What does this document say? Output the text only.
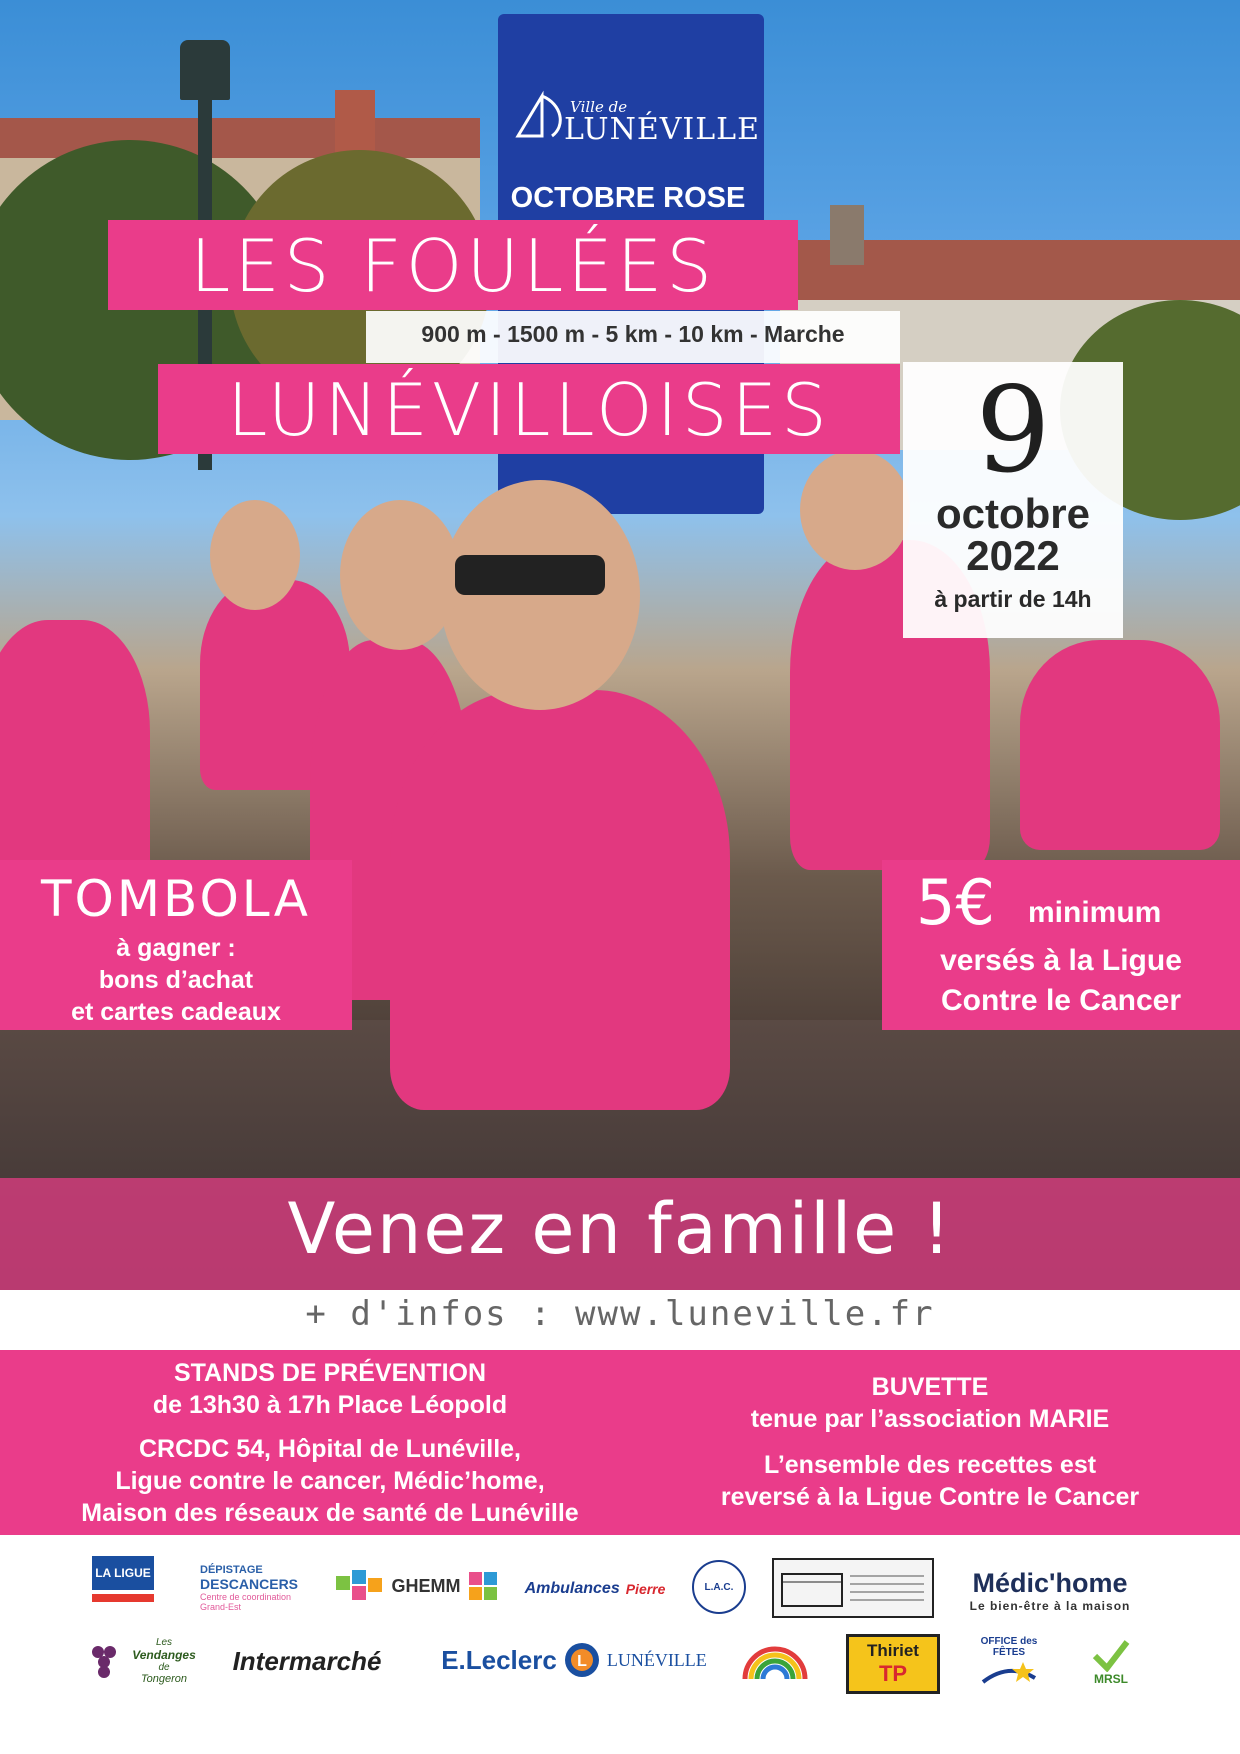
Ville de
LUNÉVILLE
OCTOBRE ROSE
LES FOULÉES
900 m - 1500 m - 5 km - 10 km - Marche
LUNÉVILLOISES	9
octobre
2022
à partir de 14h
TOMBOLA
à gagner :
bons d’achat
et cartes cadeaux
5€ minimum
versés à la Ligue
Contre le Cancer
Venez en famille !
+ d'infos : www.luneville.fr
STANDS DE PRÉVENTION
de 13h30 à 17h Place Léopold
CRCDC 54, Hôpital de Lunéville,
Ligue contre le cancer, Médic’home,
Maison des réseaux de santé de Lunéville
BUVETTE
tenue par l’association MARIE
L’ensemble des recettes est
reversé à la Ligue Contre le Cancer
LA LIGUE	DÉPISTAGE
DESCANCERS
Centre de coordination
Grand-Est
GHEMM	Ambulances Pierre	L.A.C.	Médic'home
Le bien-être à la maison
Les
Vendanges
de
Tongeron
Intermarché E.Leclerc L LUNÉVILLE	Thiriet
TP
OFFICE des FÊTES
MRSL
